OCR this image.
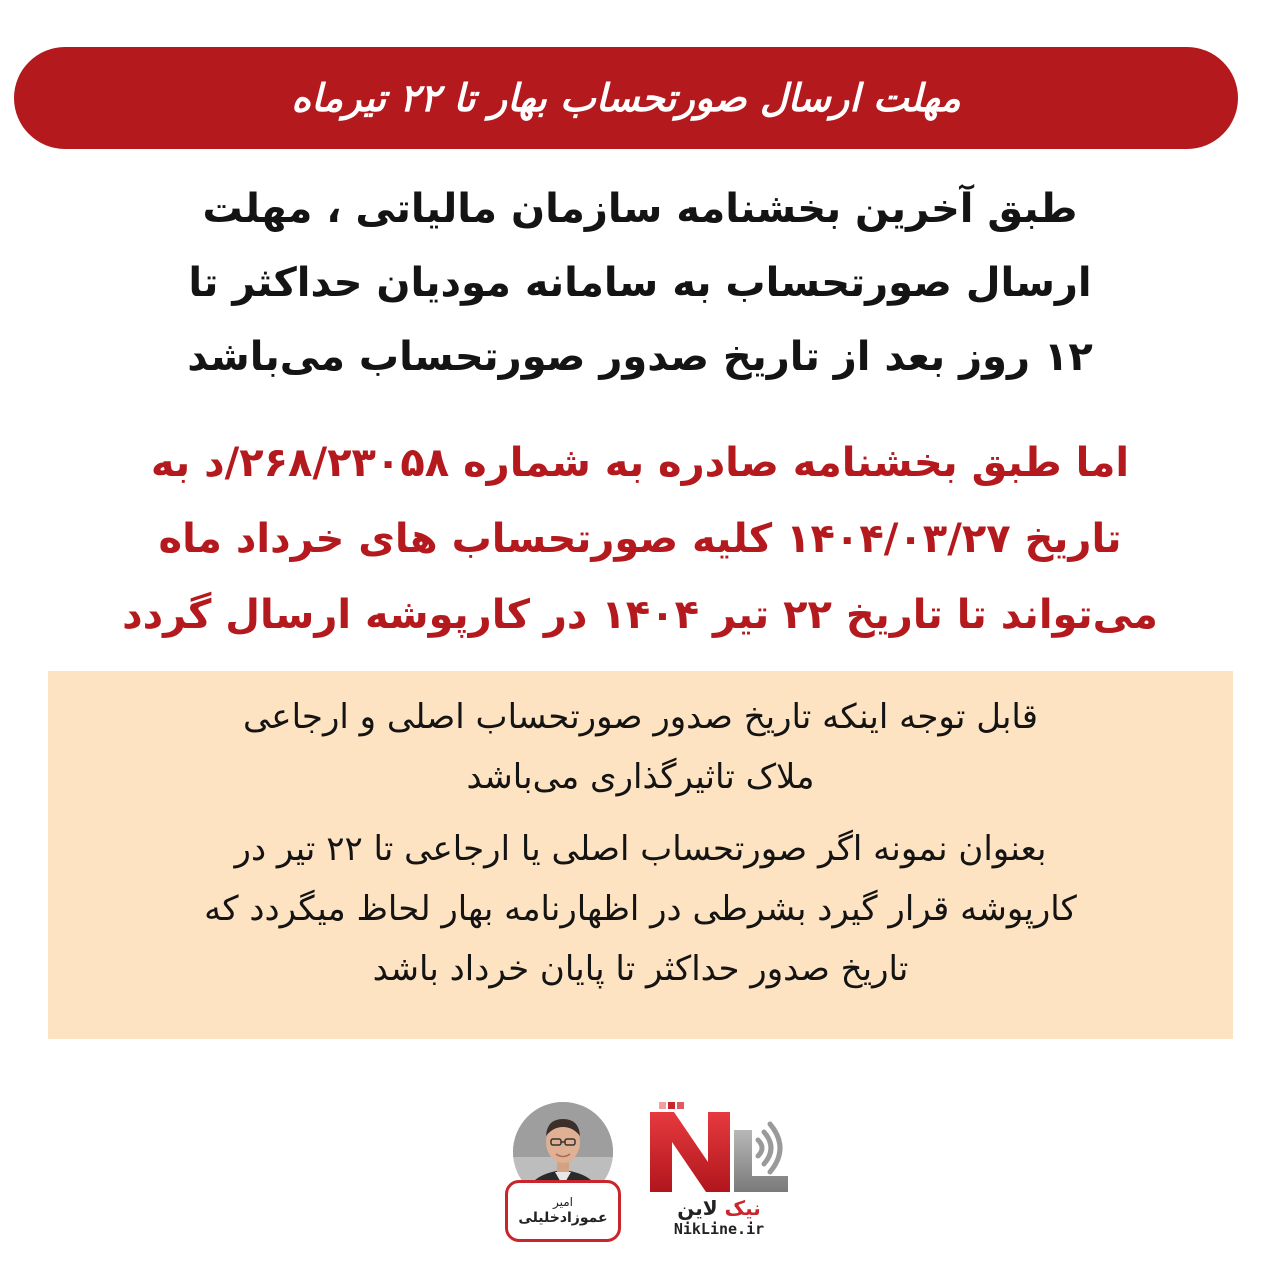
مهلت ارسال صورتحساب بهار تا ۲۲ تیرماه
طبق آخرین بخشنامه سازمان مالیاتی ، مهلت
ارسال صورتحساب به سامانه مودیان حداکثر تا
۱۲ روز بعد از تاریخ صدور صورتحساب می‌باشد
اما طبق بخشنامه صادره به شماره ۲۶۸/۲۳۰۵۸/د به
تاریخ ۱۴۰۴/۰۳/۲۷ کلیه صورتحساب های خرداد ماه
می‌تواند تا تاریخ ۲۲ تیر ۱۴۰۴ در کارپوشه ارسال گردد
قابل توجه اینکه تاریخ صدور صورتحساب اصلی و ارجاعی
ملاک تاثیرگذاری می‌باشد
بعنوان نمونه اگر صورتحساب اصلی یا ارجاعی تا ۲۲ تیر در
کارپوشه قرار گیرد بشرطی در اظهارنامه بهار لحاظ میگردد که
تاریخ صدور حداکثر تا پایان خرداد باشد
امیر
عموزادخلیلی	نیک لاین
NikLine.ir
